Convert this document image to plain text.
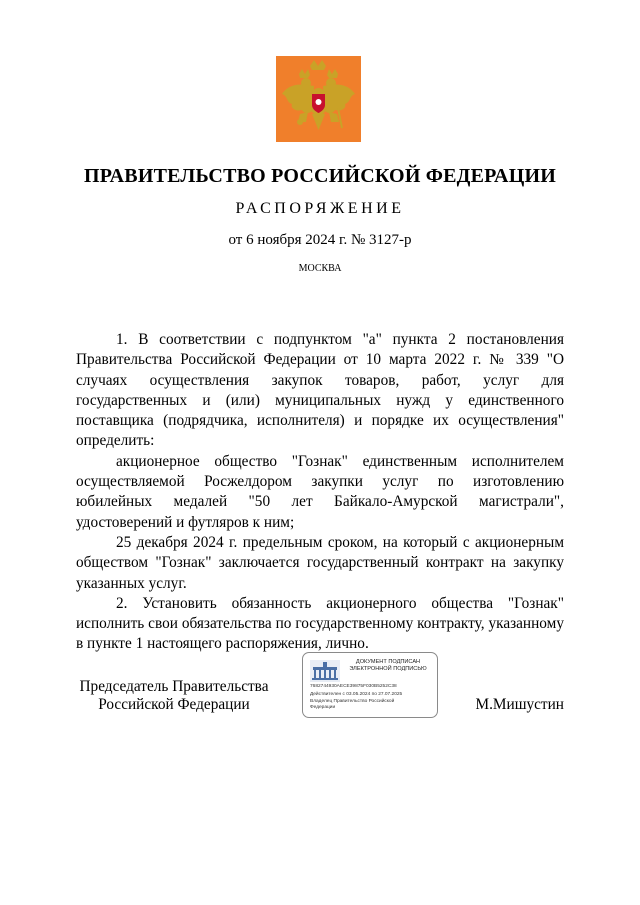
ПРАВИТЕЛЬСТВО РОССИЙСКОЙ ФЕДЕРАЦИИ
РАСПОРЯЖЕНИЕ
от 6 ноября 2024 г. № 3127-р
МОСКВА

1. В соответствии с подпунктом "а" пункта 2 постановления Правительства Российской Федерации от 10 марта 2022 г. № 339 "О случаях осуществления закупок товаров, работ, услуг для государственных и (или) муниципальных нужд у единственного поставщика (подрядчика, исполнителя) и порядке их осуществления" определить:

акционерное общество "Гознак" единственным исполнителем осуществляемой Росжелдором закупки услуг по изготовлению юбилейных медалей "50 лет Байкало-Амурской магистрали", удостоверений и футляров к ним;

25 декабря 2024 г. предельным сроком, на который с акционерным обществом "Гознак" заключается государственный контракт на закупку указанных услуг.

2. Установить обязанность акционерного общества "Гознак" исполнить свои обязательства по государственному контракту, указанному в пункте 1 настоящего распоряжения, лично.

Председатель Правительства
Российской Федерации
ДОКУМЕНТ ПОДПИСАН ЭЛЕКТРОННОЙ ПОДПИСЬЮ
7682744930AECE39875F030B5252C38
Действителен с 03.05.2024 по 27.07.2025
Владелец Правительство Российской
Федерации	М.Мишустин
